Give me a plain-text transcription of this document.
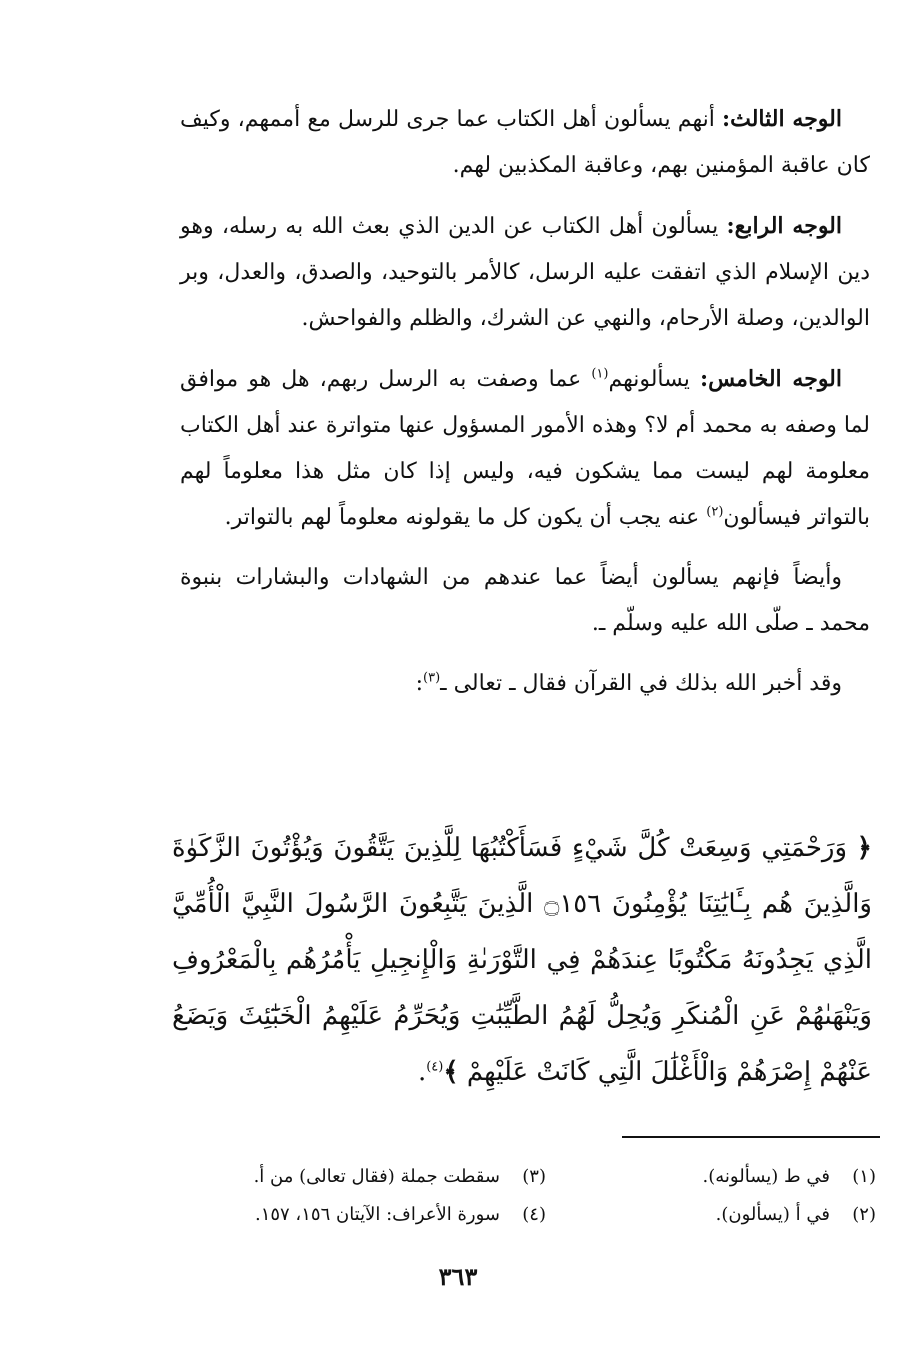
الوجه الثالث: أنهم يسألون أهل الكتاب عما جرى للرسل مع أممهم، وكيف كان عاقبة المؤمنين بهم، وعاقبة المكذبين لهم.

الوجه الرابع: يسألون أهل الكتاب عن الدين الذي بعث الله به رسله، وهو دين الإسلام الذي اتفقت عليه الرسل، كالأمر بالتوحيد، والصدق، والعدل، وبر الوالدين، وصلة الأرحام، والنهي عن الشرك، والظلم والفواحش.

الوجه الخامس: يسألونهم$^{(١)}$ عما وصفت به الرسل ربهم، هل هو موافق لما وصفه به محمد أم لا؟ وهذه الأمور المسؤول عنها متواترة عند أهل الكتاب معلومة لهم ليست مما يشكون فيه، وليس إذا كان مثل هذا معلوماً لهم بالتواتر فيسألون$^{(٢)}$ عنه يجب أن يكون كل ما يقولونه معلوماً لهم بالتواتر.

وأيضاً فإنهم يسألون أيضاً عما عندهم من الشهادات والبشارات بنبوة محمد ـ صلّى الله عليه وسلّم ـ.

وقد أخبر الله بذلك في القرآن فقال ـ تعالى ـ$^{(٣)}$:

﴿ وَرَحْمَتِي وَسِعَتْ كُلَّ شَيْءٍ فَسَأَكْتُبُهَا لِلَّذِينَ يَتَّقُونَ وَيُؤْتُونَ الزَّكَوٰةَ وَالَّذِينَ هُم بِـَٔايَٰتِنَا يُؤْمِنُونَ ۝١٥٦ الَّذِينَ يَتَّبِعُونَ الرَّسُولَ النَّبِيَّ الْأُمِّيَّ الَّذِي يَجِدُونَهُ مَكْتُوبًا عِندَهُمْ فِي التَّوْرَىٰةِ وَالْإِنجِيلِ يَأْمُرُهُم بِالْمَعْرُوفِ وَيَنْهَىٰهُمْ عَنِ الْمُنكَرِ وَيُحِلُّ لَهُمُ الطَّيِّبَٰتِ وَيُحَرِّمُ عَلَيْهِمُ الْخَبَٰٓئِثَ وَيَضَعُ عَنْهُمْ إِصْرَهُمْ وَالْأَغْلَٰلَ الَّتِي كَانَتْ عَلَيْهِمْ ﴾$^{(٤)}$.

(١)في ط (يسألونه).

(٢)في أ (يسألون).

(٣)سقطت جملة (فقال تعالى) من أ.

(٤)سورة الأعراف: الآيتان ١٥٦، ١٥٧.

٣٦٣
